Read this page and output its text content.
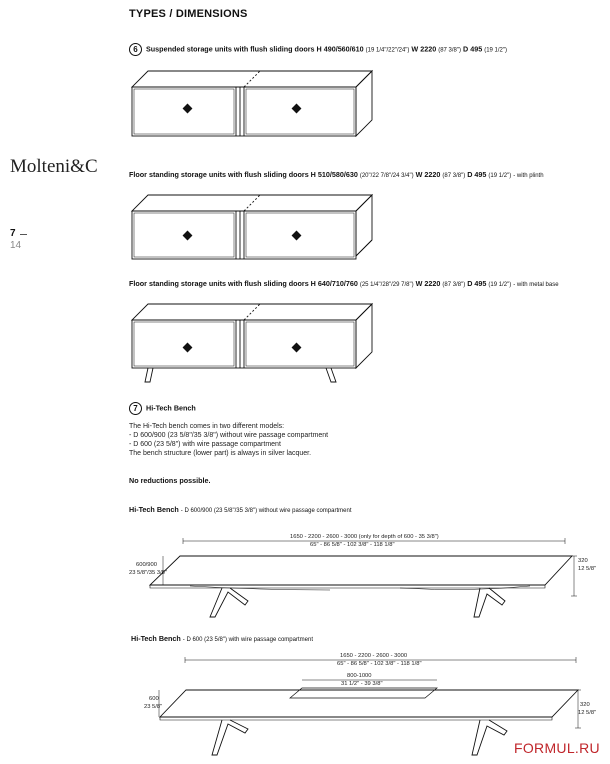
TYPES / DIMENSIONS
Molteni&C
7
14
6 Suspended storage units with flush sliding doors H 490/560/610 (19 1/4"/22"/24") W 2220 (87 3/8") D 495 (19 1/2")
Floor standing storage units with flush sliding doors H 510/580/630 (20"/22 7/8"/24 3/4") W 2220 (87 3/8") D 495 (19 1/2") - with plinth
Floor standing storage units with flush sliding doors H 640/710/760 (25 1/4"/28"/29 7/8") W 2220 (87 3/8") D 495 (19 1/2") - with metal base
7 Hi-Tech Bench
The Hi-Tech bench comes in two different models:
- D 600/900 (23 5/8"/35 3/8") without wire passage compartment
- D 600 (23 5/8") with wire passage compartment
The bench structure (lower part) is always in silver lacquer.
No reductions possible.
Hi-Tech Bench - D 600/900 (23 5/8"/35 3/8") without wire passage compartment
Hi-Tech Bench - D 600 (23 5/8") with wire passage compartment
1650 - 2200 - 2600 - 3000 (only for depth of 600 - 35 3/8")
65" - 86 5/8" - 102 3/8" - 118 1/8"
600/900
23 5/8"/35 3/8"
320
12 5/8"
1650 - 2200 - 2600 - 3000
65" - 86 5/8" - 102 3/8" - 118 1/8"
800-1000
31 1/2" - 39 3/8"
600
23 5/8"	320
12 5/8"
FORMUL.RU
